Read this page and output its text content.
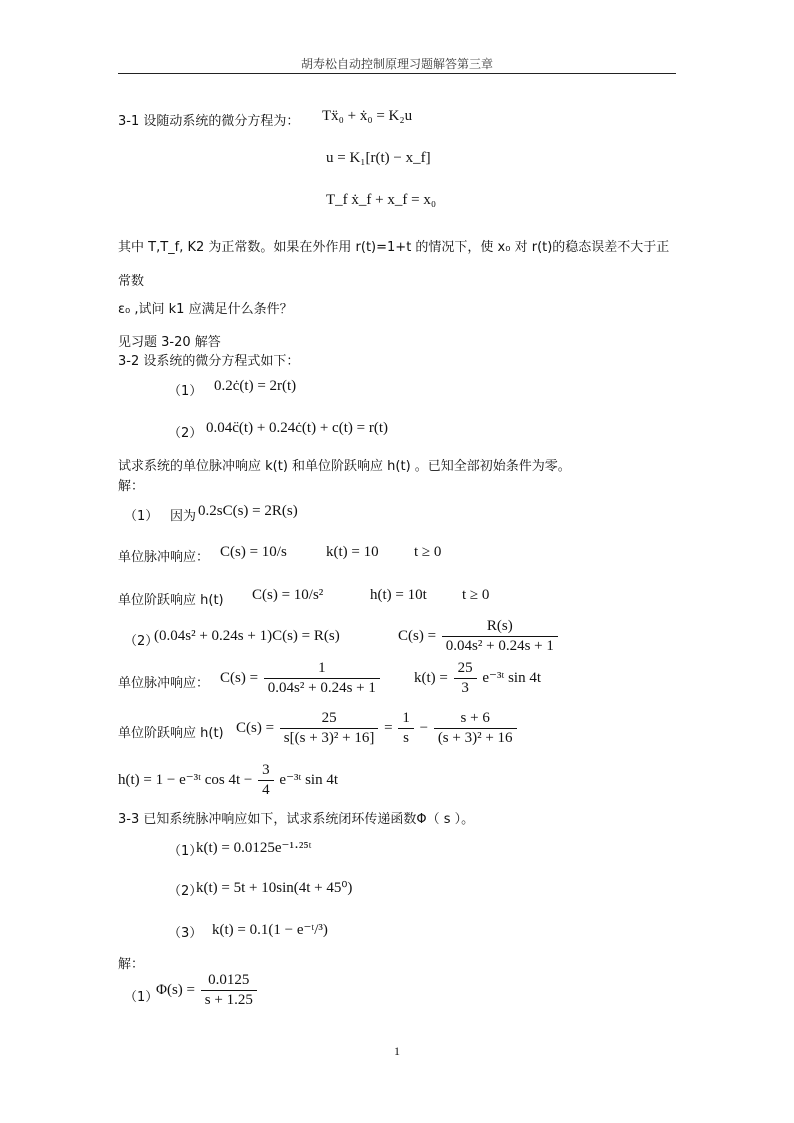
胡寿松自动控制原理习题解答第三章
3-1 设随动系统的微分方程为： Tẍ₀ + ẋ₀ = K₂u
u = K₁[r(t) − x_f]
T_f ẋ_f + x_f = x₀
其中 T,T_f, K2 为正常数。如果在外作用 r(t)=1+t 的情况下，使 x₀ 对 r(t)的稳态误差不大于正
常数
ε₀ ,试问 k1 应满足什么条件？
见习题 3-20 解答
3-2 设系统的微分方程式如下：
（1） 0.2ċ(t) = 2r(t)
（2） 0.04c̈(t) + 0.24ċ(t) + c(t) = r(t)
试求系统的单位脉冲响应 k(t) 和单位阶跃响应 h(t) 。已知全部初始条件为零。
解：
（1） 因为 0.2sC(s) = 2R(s)
单位脉冲响应： C(s) = 10/s	k(t) = 10 t ≥ 0
单位阶跃响应 h(t) C(s) = 10/s²	h(t) = 10t t ≥ 0
（2）
(0.04s² + 0.24s + 1)C(s) = R(s)	$C(s) = \frac{R(s)}{\text{0.04s² + 0.24s + 1}}$
单位脉冲响应： $C(s) = \frac{1}{\text{0.04s² + 0.24s + 1}} k(t) = \frac{25}{3}$ e⁻³ᵗ sin 4t
单位阶跃响应 h(t) $C(s) = \frac{25}{\text{s[(s + 3)² + 16]}} = \frac{1}{s} - \frac{s + 6}{\text{(s + 3)² + 16}}$
h(t) = 1 − e⁻³ᵗ $\cos 4t - \frac{3}{4}$ e⁻³ᵗ sin 4t
3-3 已知系统脉冲响应如下，试求系统闭环传递函数Φ（ s ）。
（1）
k(t) = 0.0125e⁻¹·²⁵ᵗ
（2）
k(t) = 5t + 10sin(4t + 45⁰)
（3） k(t) = 0.1(1 − e⁻ᵗ/³)
解：
（1）
$\Phi(s) = \frac{0.0125}{s + 1.25}$
1
